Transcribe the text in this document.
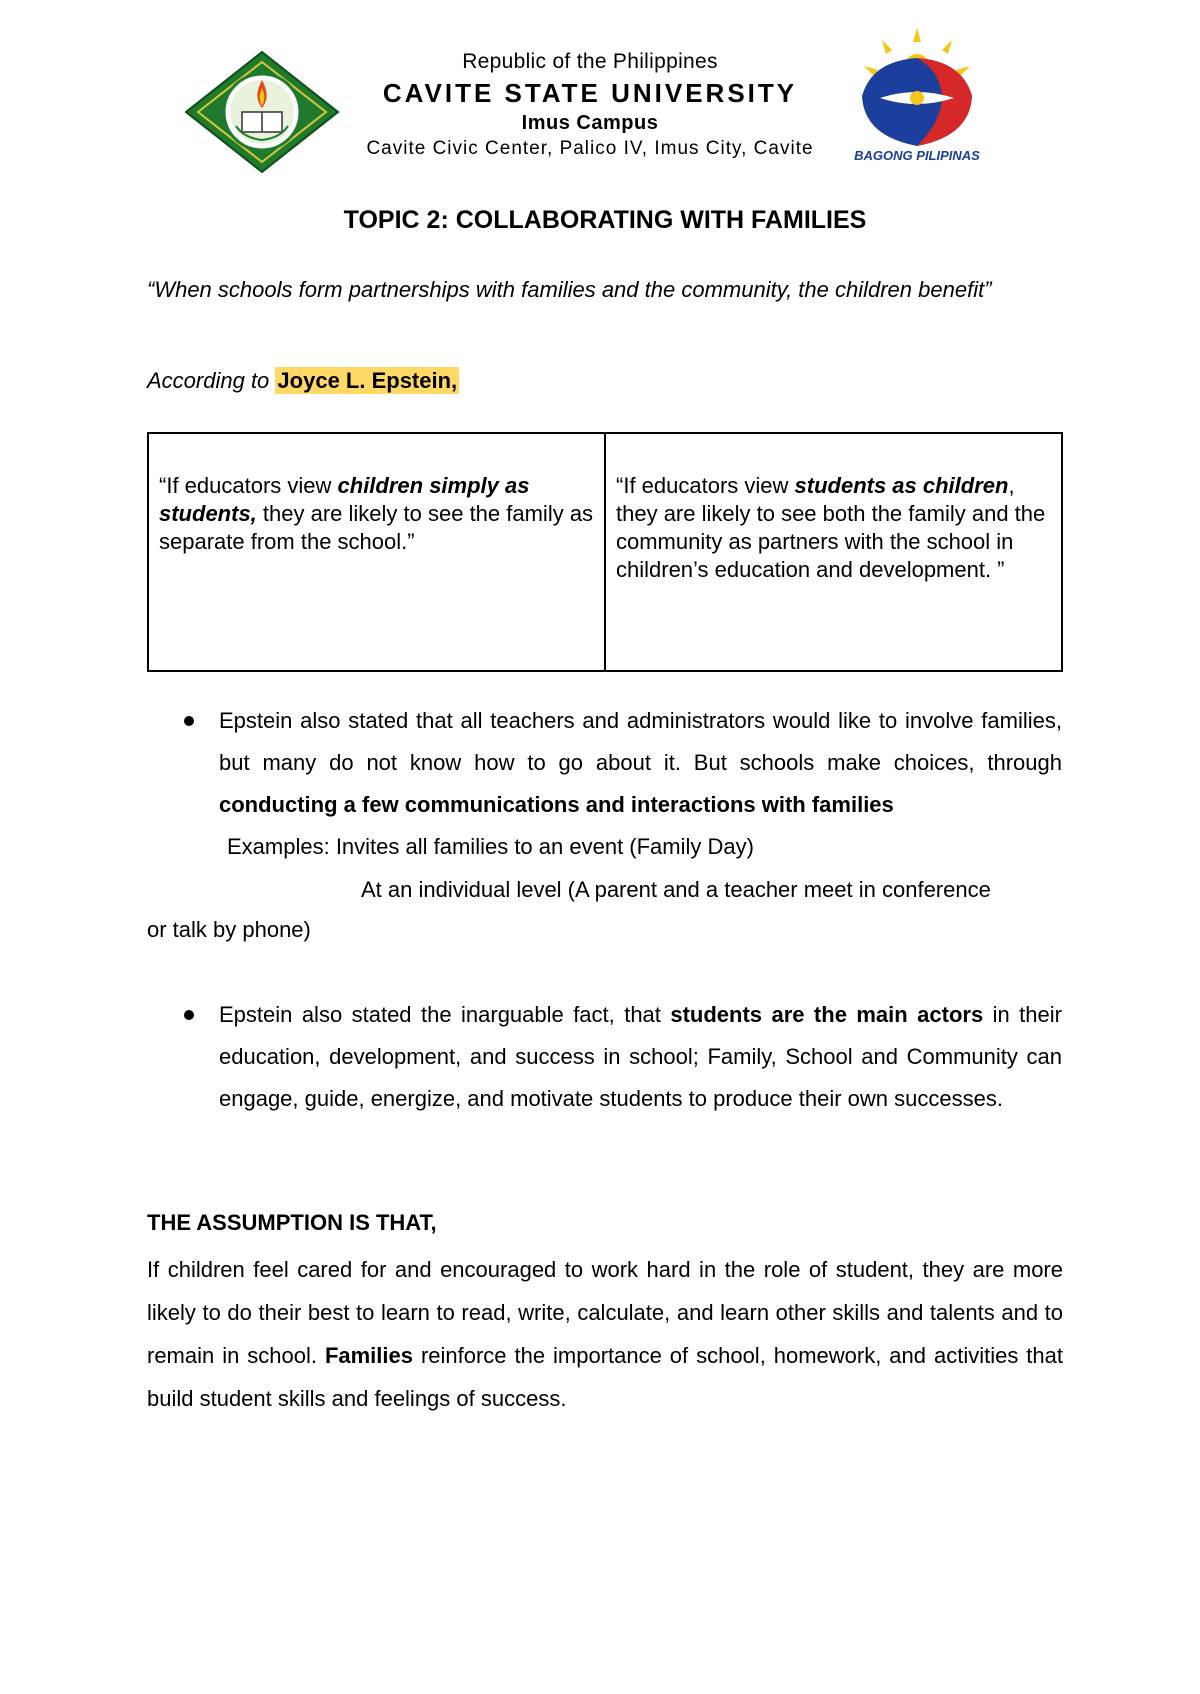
Republic of the Philippines
CAVITE STATE UNIVERSITY
Imus Campus
Cavite Civic Center, Palico IV, Imus City, Cavite	BAGONG PILIPINAS
TOPIC 2: COLLABORATING WITH FAMILIES
“When schools form partnerships with families and the community, the children benefit”
According to Joyce L. Epstein,
“If educators view children simply as students, they are likely to see the family as separate from the school.”	“If educators view students as children, they are likely to see both the family and the community as partners with the school in children’s education and development. ”
Epstein also stated that all teachers and administrators would like to involve families, but many do not know how to go about it. But schools make choices, through conducting a few communications and interactions with families
Examples: Invites all families to an event (Family Day)
At an individual level (A parent and a teacher meet in conference
or talk by phone)
Epstein also stated the inarguable fact, that students are the main actors in their education, development, and success in school; Family, School and Community can engage, guide, energize, and motivate students to produce their own successes.
THE ASSUMPTION IS THAT,
If children feel cared for and encouraged to work hard in the role of student, they are more likely to do their best to learn to read, write, calculate, and learn other skills and talents and to remain in school. Families reinforce the importance of school, homework, and activities that build student skills and feelings of success.
